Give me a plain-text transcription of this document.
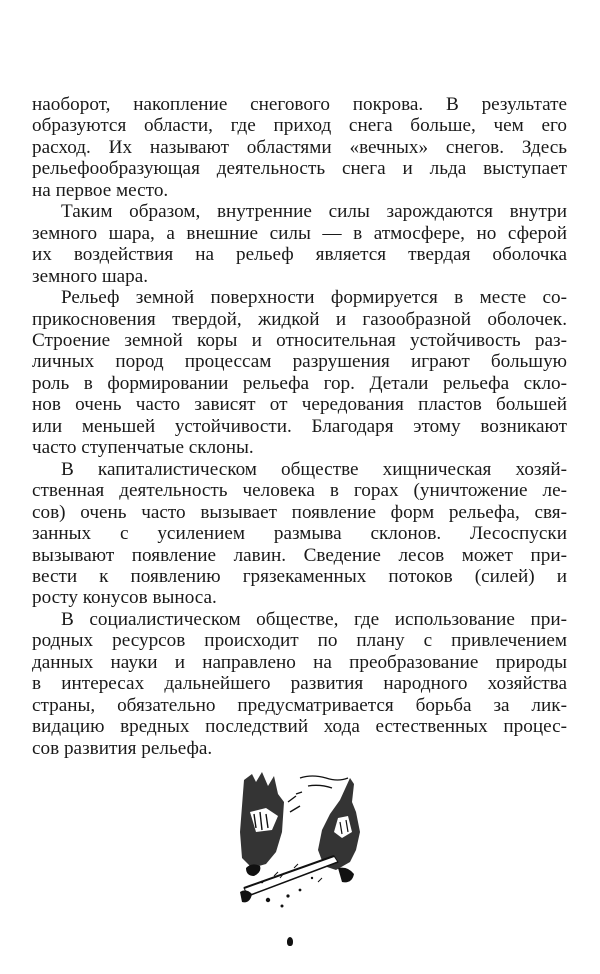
наоборот, накопление снегового покрова. В результате
образуются области, где приход снега больше, чем его
расход. Их называют областями «вечных» снегов. Здесь
рельефообразующая деятельность снега и льда выступает
на первое место.

Таким образом, внутренние силы зарождаются внутри
земного шара, а внешние силы — в атмосфере, но сферой
их воздействия на рельеф является твердая оболочка
земного шара.

Рельеф земной поверхности формируется в месте со-
прикосновения твердой, жидкой и газообразной оболочек.
Строение земной коры и относительная устойчивость раз-
личных пород процессам разрушения играют большую
роль в формировании рельефа гор. Детали рельефа скло-
нов очень часто зависят от чередования пластов большей
или меньшей устойчивости. Благодаря этому возникают
часто ступенчатые склоны.

В капиталистическом обществе хищническая хозяй-
ственная деятельность человека в горах (уничтожение ле-
сов) очень часто вызывает появление форм рельефа, свя-
занных с усилением размыва склонов. Лесоспуски
вызывают появление лавин. Сведение лесов может при-
вести к появлению грязекаменных потоков (силей) и
росту конусов выноса.

В социалистическом обществе, где использование при-
родных ресурсов происходит по плану с привлечением
данных науки и направлено на преобразование природы
в интересах дальнейшего развития народного хозяйства
страны, обязательно предусматривается борьба за лик-
видацию вредных последствий хода естественных процес-
сов развития рельефа.
